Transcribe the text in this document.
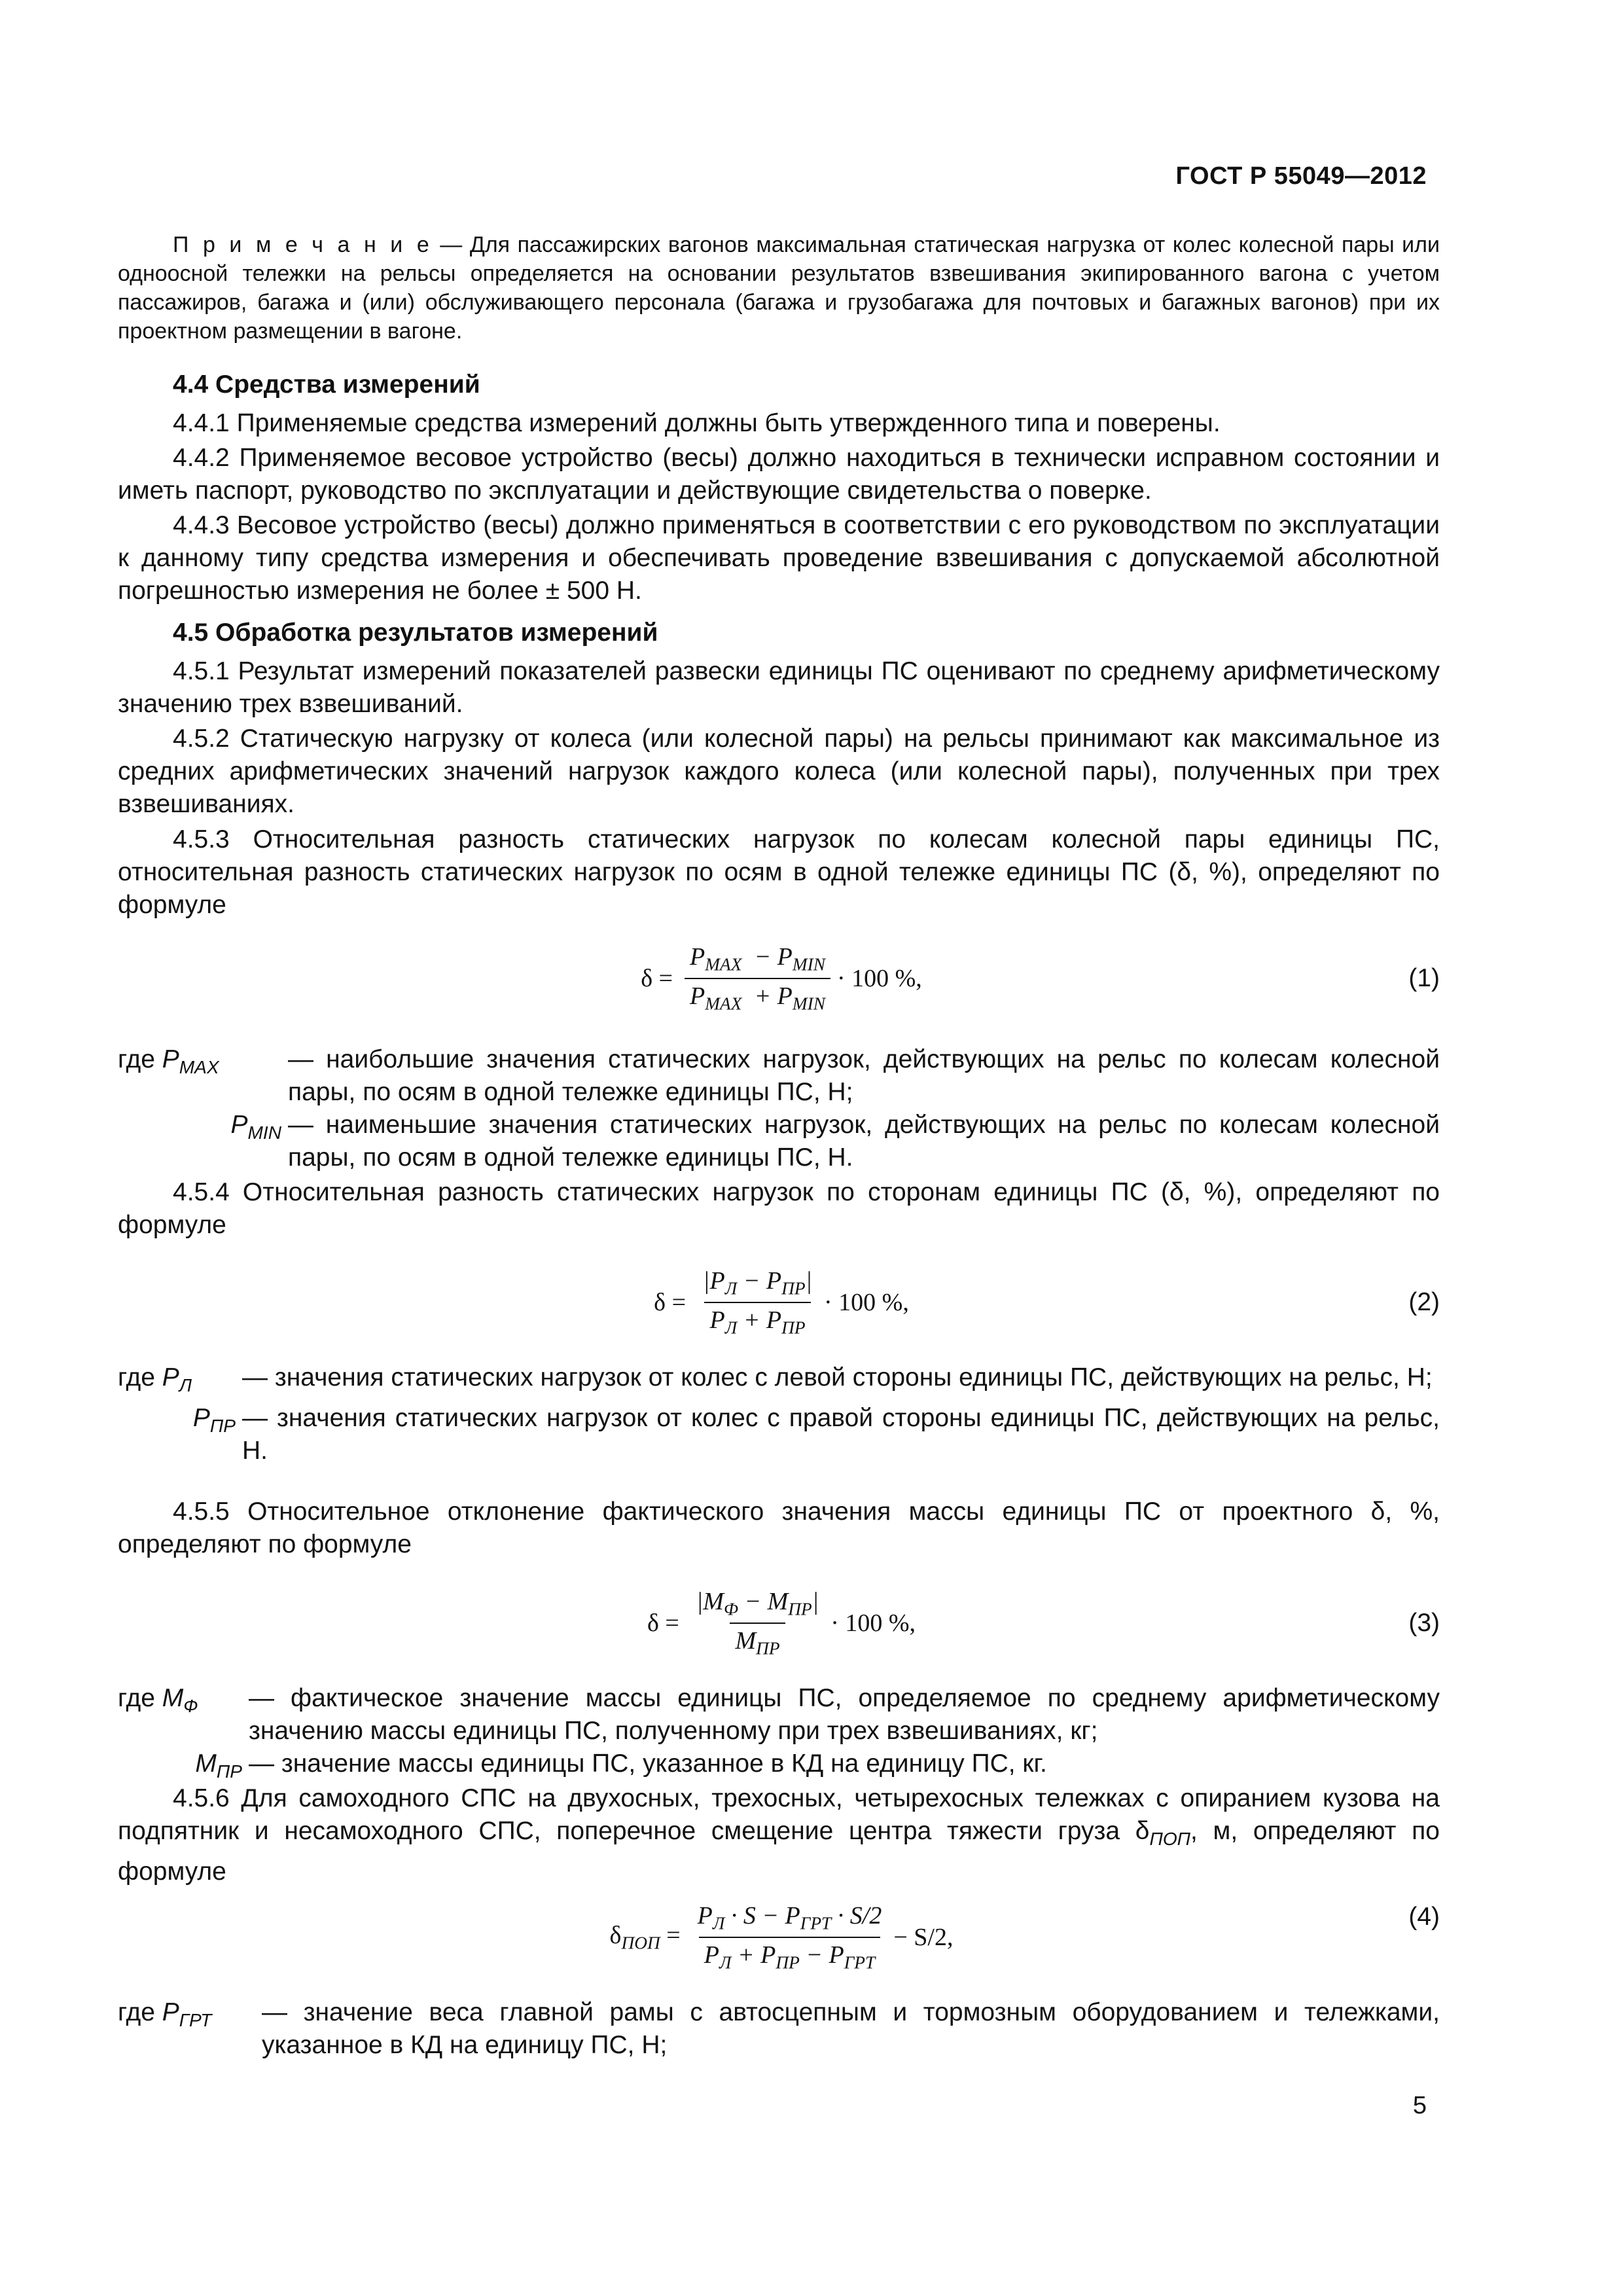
ГОСТ Р 55049—2012
П р и м е ч а н и е — Для пассажирских вагонов максимальная статическая нагрузка от колес колесной пары или одноосной тележки на рельсы определяется на основании результатов взвешивания экипированного вагона с учетом пассажиров, багажа и (или) обслуживающего персонала (багажа и грузобагажа для почтовых и багажных вагонов) при их проектном размещении в вагоне.
4.4 Средства измерений
4.4.1 Применяемые средства измерений должны быть утвержденного типа и поверены.
4.4.2 Применяемое весовое устройство (весы) должно находиться в технически исправном состоянии и иметь паспорт, руководство по эксплуатации и действующие свидетельства о поверке.
4.4.3 Весовое устройство (весы) должно применяться в соответствии с его руководством по эксплуатации к данному типу средства измерения и обеспечивать проведение взвешивания с допускаемой абсолютной погрешностью измерения не более ± 500 Н.
4.5 Обработка результатов измерений
4.5.1 Результат измерений показателей развески единицы ПС оценивают по среднему арифметическому значению трех взвешиваний.
4.5.2 Статическую нагрузку от колеса (или колесной пары) на рельсы принимают как максимальное из средних арифметических значений нагрузок каждого колеса (или колесной пары), полученных при трех взвешиваниях.
4.5.3 Относительная разность статических нагрузок по колесам колесной пары единицы ПС, относительная разность статических нагрузок по осям в одной тележке единицы ПС (δ, %), определяют по формуле
$\delta = \frac{P_{MAX} - P_{MIN}}{P_{MAX} + P_{MIN}} \cdot 100$ %,	(1)
где $P_{MAX}$	— наибольшие значения статических нагрузок, действующих на рельс по колесам колесной пары, по осям в одной тележке единицы ПС, Н;
$P_{MIN}$ — наименьшие значения статических нагрузок, действующих на рельс по колесам колесной пары, по осям в одной тележке единицы ПС, Н.
4.5.4 Относительная разность статических нагрузок по сторонам единицы ПС (δ, %), определяют по формуле
$\delta = \frac{|P_Л - P_{ПР}|}{P_Л + P_{ПР}} \cdot 100$ %,	(2)
где $P_Л$	— значения статических нагрузок от колес с левой стороны единицы ПС, действующих на рельс, Н;
$P_{ПР}$ — значения статических нагрузок от колес с правой стороны единицы ПС, действующих на рельс, Н.
4.5.5 Относительное отклонение фактического значения массы единицы ПС от проектного δ, %, определяют по формуле
$\delta = \frac{|M_Ф - M_{ПР}|}{M_{ПР}} \cdot 100$ %,	(3)
где $M_Ф$	— фактическое значение массы единицы ПС, определяемое по среднему арифметическому значению массы единицы ПС, полученному при трех взвешиваниях, кг;
$M_{ПР}$ — значение массы единицы ПС, указанное в КД на единицу ПС, кг.
4.5.6 Для самоходного СПС на двухосных, трехосных, четырехосных тележках с опиранием кузова на подпятник и несамоходного СПС, поперечное смещение центра тяжести груза $\delta_{ПОП}$, м, определяют по формуле
$\delta_{ПОП} = \frac{P_Л \cdot S - P_{ГРТ} \cdot S/2}{P_Л + P_{ПР} - P_{ГРТ}} - S/2$,
(4)
где $P_{ГРТ}$	— значение веса главной рамы с автосцепным и тормозным оборудованием и тележками, указанное в КД на единицу ПС, Н;
5
